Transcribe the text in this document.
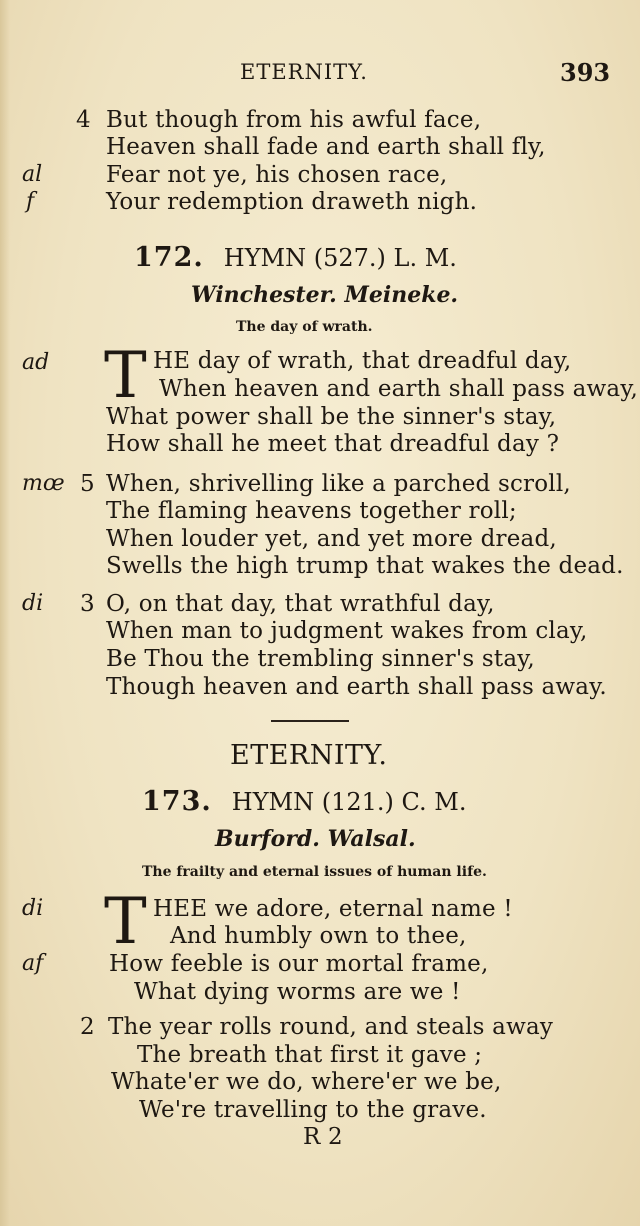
ETERNITY.	393
4 But though from his awful face,
Heaven shall fade and earth shall fly,
al	Fear not ye, his chosen race,
f	Your redemption draweth nigh.
172. HYMN (527.) L. M.
Winchester. Meineke.
The day of wrath.
ad T HE day of wrath, that dreadful day,
When heaven and earth shall pass away,
What power shall be the sinner's stay,
How shall he meet that dreadful day ?
mœ 5 When, shrivelling like a parched scroll,
The flaming heavens together roll;
When louder yet, and yet more dread,
Swells the high trump that wakes the dead.
di 3 O, on that day, that wrathful day,
When man to judgment wakes from clay,
Be Thou the trembling sinner's stay,
Though heaven and earth shall pass away.
ETERNITY.
173. HYMN (121.) C. M.
Burford. Walsal.
The frailty and eternal issues of human life.
di T HEE we adore, eternal name !
And humbly own to thee,
af	How feeble is our mortal frame,
What dying worms are we !
2 The year rolls round, and steals away
The breath that first it gave ;
Whate'er we do, where'er we be,
We're travelling to the grave.
R 2
